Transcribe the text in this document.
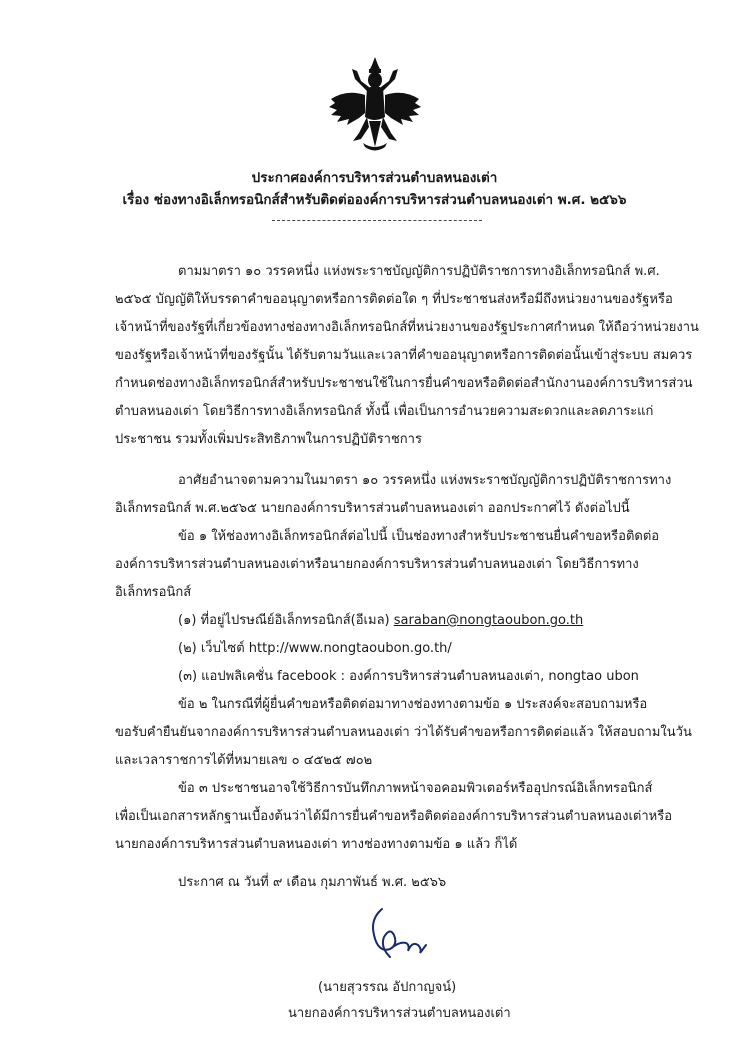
ประกาศองค์การบริหารส่วนตำบลหนองเต่า
เรื่อง ช่องทางอิเล็กทรอนิกส์สำหรับติดต่อองค์การบริหารส่วนตำบลหนองเต่า พ.ศ. ๒๕๖๖
ตามมาตรา ๑๐ วรรคหนึ่ง แห่งพระราชบัญญัติการปฏิบัติราชการทางอิเล็กทรอนิกส์ พ.ศ.
๒๕๖๕ บัญญัติให้บรรดาคำขออนุญาตหรือการติดต่อใด ๆ ที่ประชาชนส่งหรือมีถึงหน่วยงานของรัฐหรือ
เจ้าหน้าที่ของรัฐที่เกี่ยวข้องทางช่องทางอิเล็กทรอนิกส์ที่หน่วยงานของรัฐประกาศกำหนด ให้ถือว่าหน่วยงาน
ของรัฐหรือเจ้าหน้าที่ของรัฐนั้น ได้รับตามวันและเวลาที่คำขออนุญาตหรือการติดต่อนั้นเข้าสู่ระบบ สมควร
กำหนดช่องทางอิเล็กทรอนิกส์สำหรับประชาชนใช้ในการยื่นคำขอหรือติดต่อสำนักงานองค์การบริหารส่วน
ตำบลหนองเต่า โดยวิธีการทางอิเล็กทรอนิกส์ ทั้งนี้ เพื่อเป็นการอำนวยความสะดวกและลดภาระแก่
ประชาชน รวมทั้งเพิ่มประสิทธิภาพในการปฏิบัติราชการ
อาศัยอำนาจตามความในมาตรา ๑๐ วรรคหนึ่ง แห่งพระราชบัญญัติการปฏิบัติราชการทาง
อิเล็กทรอนิกส์ พ.ศ.๒๕๖๕ นายกองค์การบริหารส่วนตำบลหนองเต่า ออกประกาศไว้ ดังต่อไปนี้
ข้อ ๑ ให้ช่องทางอิเล็กทรอนิกส์ต่อไปนี้ เป็นช่องทางสำหรับประชาชนยื่นคำขอหรือติดต่อ
องค์การบริหารส่วนตำบลหนองเต่าหรือนายกองค์การบริหารส่วนตำบลหนองเต่า โดยวิธีการทาง
อิเล็กทรอนิกส์
(๑) ที่อยู่ไปรษณีย์อิเล็กทรอนิกส์(อีเมล) saraban@nongtaoubon.go.th
(๒) เว็บไซต์ http://www.nongtaoubon.go.th/
(๓) แอปพลิเคชั่น facebook : องค์การบริหารส่วนตำบลหนองเต่า, nongtao ubon
ข้อ ๒ ในกรณีที่ผู้ยื่นคำขอหรือติดต่อมาทางช่องทางตามข้อ ๑ ประสงค์จะสอบถามหรือ
ขอรับคำยืนยันจากองค์การบริหารส่วนตำบลหนองเต่า ว่าได้รับคำขอหรือการติดต่อแล้ว ให้สอบถามในวัน
และเวลาราชการได้ที่หมายเลข ๐ ๔๕๒๕ ๗๐๒
ข้อ ๓ ประชาชนอาจใช้วิธีการบันทึกภาพหน้าจอคอมพิวเตอร์หรืออุปกรณ์อิเล็กทรอนิกส์
เพื่อเป็นเอกสารหลักฐานเบื้องต้นว่าได้มีการยื่นคำขอหรือติดต่อองค์การบริหารส่วนตำบลหนองเต่าหรือ
นายกองค์การบริหารส่วนตำบลหนองเต่า ทางช่องทางตามข้อ ๑ แล้ว ก็ได้
ประกาศ ณ วันที่ ๙ เดือน กุมภาพันธ์ พ.ศ. ๒๕๖๖
(นายสุวรรณ อัปกาญจน์)
นายกองค์การบริหารส่วนตำบลหนองเต่า
